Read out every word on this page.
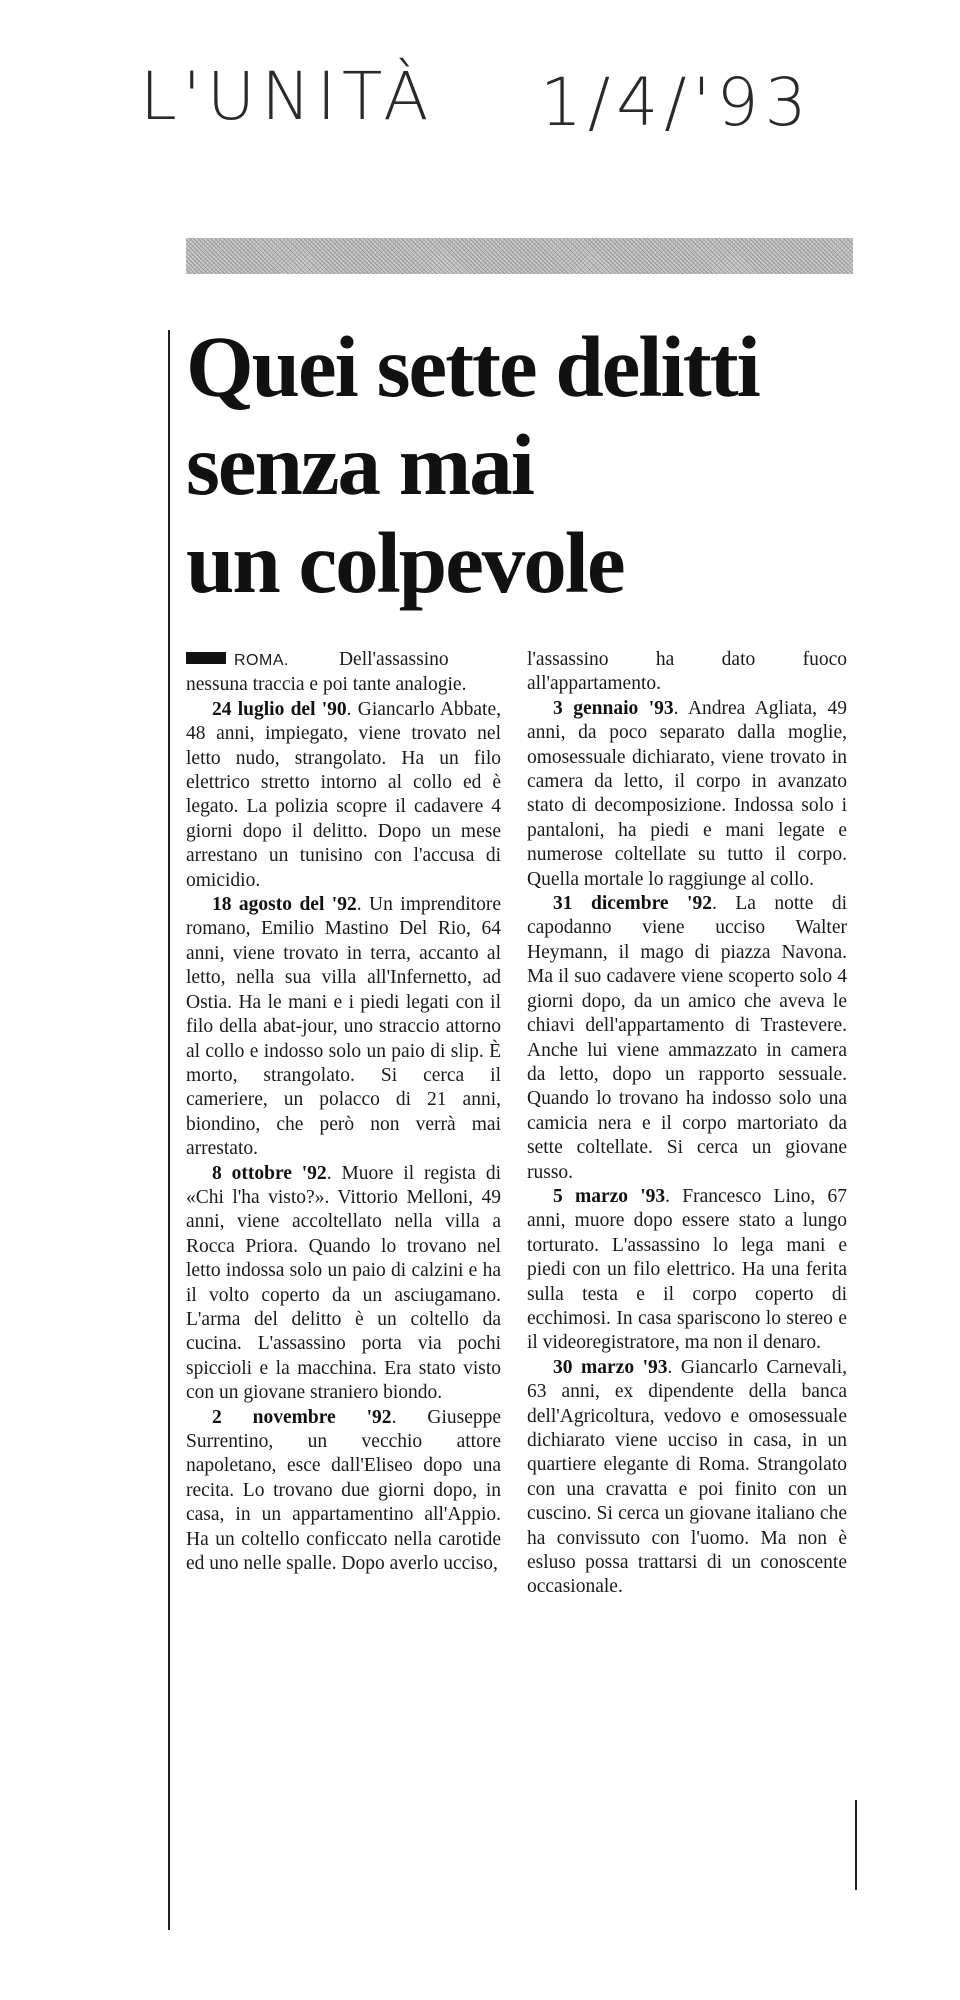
L'UNITÀ 1/4/'93
Quei sette delitti
senza mai
un colpevole

ROMA.	Dell'assassino nessuna traccia e poi tante analogie.

24 luglio del '90. Giancarlo Abbate, 48 anni, impiegato, viene trovato nel letto nudo, strangolato. Ha un filo elettrico stretto intorno al collo ed è legato. La polizia scopre il cadavere 4 giorni dopo il delitto. Dopo un mese arrestano un tunisino con l'accusa di omicidio.

18 agosto del '92. Un imprenditore romano, Emilio Mastino Del Rio, 64 anni, viene trovato in terra, accanto al letto, nella sua villa all'Infernetto, ad Ostia. Ha le mani e i piedi legati con il filo della abat-jour, uno straccio attorno al collo e indosso solo un paio di slip. È morto, strangolato. Si cerca il cameriere, un polacco di 21 anni, biondino, che però non verrà mai arrestato.

8 ottobre '92. Muore il regista di «Chi l'ha visto?». Vittorio Melloni, 49 anni, viene accoltellato nella villa a Rocca Priora. Quando lo trovano nel letto indossa solo un paio di calzini e ha il volto coperto da un asciugamano. L'arma del delitto è un coltello da cucina. L'assassino porta via pochi spiccioli e la macchina. Era stato visto con un giovane straniero biondo.

2 novembre '92. Giuseppe Surrentino, un vecchio attore napoletano, esce dall'Eliseo dopo una recita. Lo trovano due giorni dopo, in casa, in un appartamentino all'Appio. Ha un coltello conficcato nella carotide ed uno nelle spalle. Dopo averlo ucciso,

l'assassino ha dato fuoco all'appartamento.

3 gennaio '93. Andrea Agliata, 49 anni, da poco separato dalla moglie, omosessuale dichiarato, viene trovato in camera da letto, il corpo in avanzato stato di decomposizione. Indossa solo i pantaloni, ha piedi e mani legate e numerose coltellate su tutto il corpo. Quella mortale lo raggiunge al collo.

31 dicembre '92. La notte di capodanno viene ucciso Walter Heymann, il mago di piazza Navona. Ma il suo cadavere viene scoperto solo 4 giorni dopo, da un amico che aveva le chiavi dell'appartamento di Trastevere. Anche lui viene ammazzato in camera da letto, dopo un rapporto sessuale. Quando lo trovano ha indosso solo una camicia nera e il corpo martoriato da sette coltellate. Si cerca un giovane russo.

5 marzo '93. Francesco Lino, 67 anni, muore dopo essere stato a lungo torturato. L'assassino lo lega mani e piedi con un filo elettrico. Ha una ferita sulla testa e il corpo coperto di ecchimosi. In casa spariscono lo stereo e il videoregistratore, ma non il denaro.

30 marzo '93. Giancarlo Carnevali, 63 anni, ex dipendente della banca dell'Agricoltura, vedovo e omosessuale dichiarato viene ucciso in casa, in un quartiere elegante di Roma. Strangolato con una cravatta e poi finito con un cuscino. Si cerca un giovane italiano che ha convissuto con l'uomo. Ma non è esluso possa trattarsi di un conoscente occasionale.
